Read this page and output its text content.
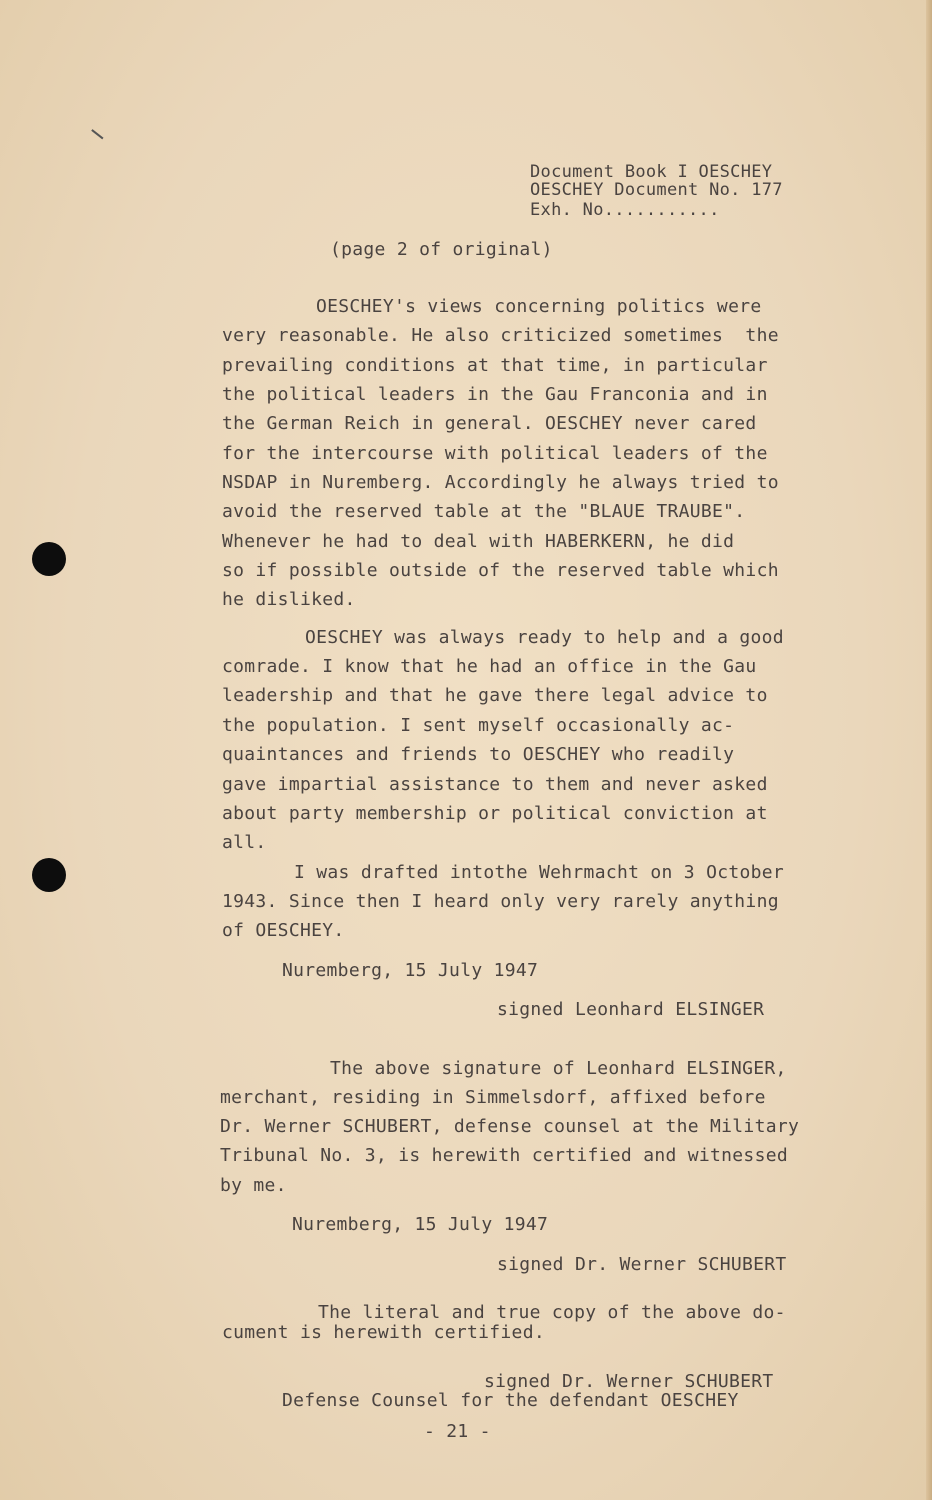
Document Book I OESCHEY
OESCHEY Document No. 177
Exh. No...........
(page 2 of original)
OESCHEY's views concerning politics were
very reasonable. He also criticized sometimes  the
prevailing conditions at that time, in particular
the political leaders in the Gau Franconia and in
the German Reich in general. OESCHEY never cared
for the intercourse with political leaders of the
NSDAP in Nuremberg. Accordingly he always tried to
avoid the reserved table at the "BLAUE TRAUBE".
Whenever he had to deal with HABERKERN, he did
so if possible outside of the reserved table which
he disliked.
OESCHEY was always ready to help and a good
comrade. I know that he had an office in the Gau
leadership and that he gave there legal advice to
the population. I sent myself occasionally ac-
quaintances and friends to OESCHEY who readily
gave impartial assistance to them and never asked
about party membership or political conviction at
all.
I was drafted intothe Wehrmacht on 3 October
1943. Since then I heard only very rarely anything
of OESCHEY.
Nuremberg, 15 July 1947
signed Leonhard ELSINGER
The above signature of Leonhard ELSINGER,
merchant, residing in Simmelsdorf, affixed before
Dr. Werner SCHUBERT, defense counsel at the Military
Tribunal No. 3, is herewith certified and witnessed
by me.
Nuremberg, 15 July 1947
signed Dr. Werner SCHUBERT
The literal and true copy of the above do-
cument is herewith certified.
signed Dr. Werner SCHUBERT
Defense Counsel for the defendant OESCHEY
- 21 -
